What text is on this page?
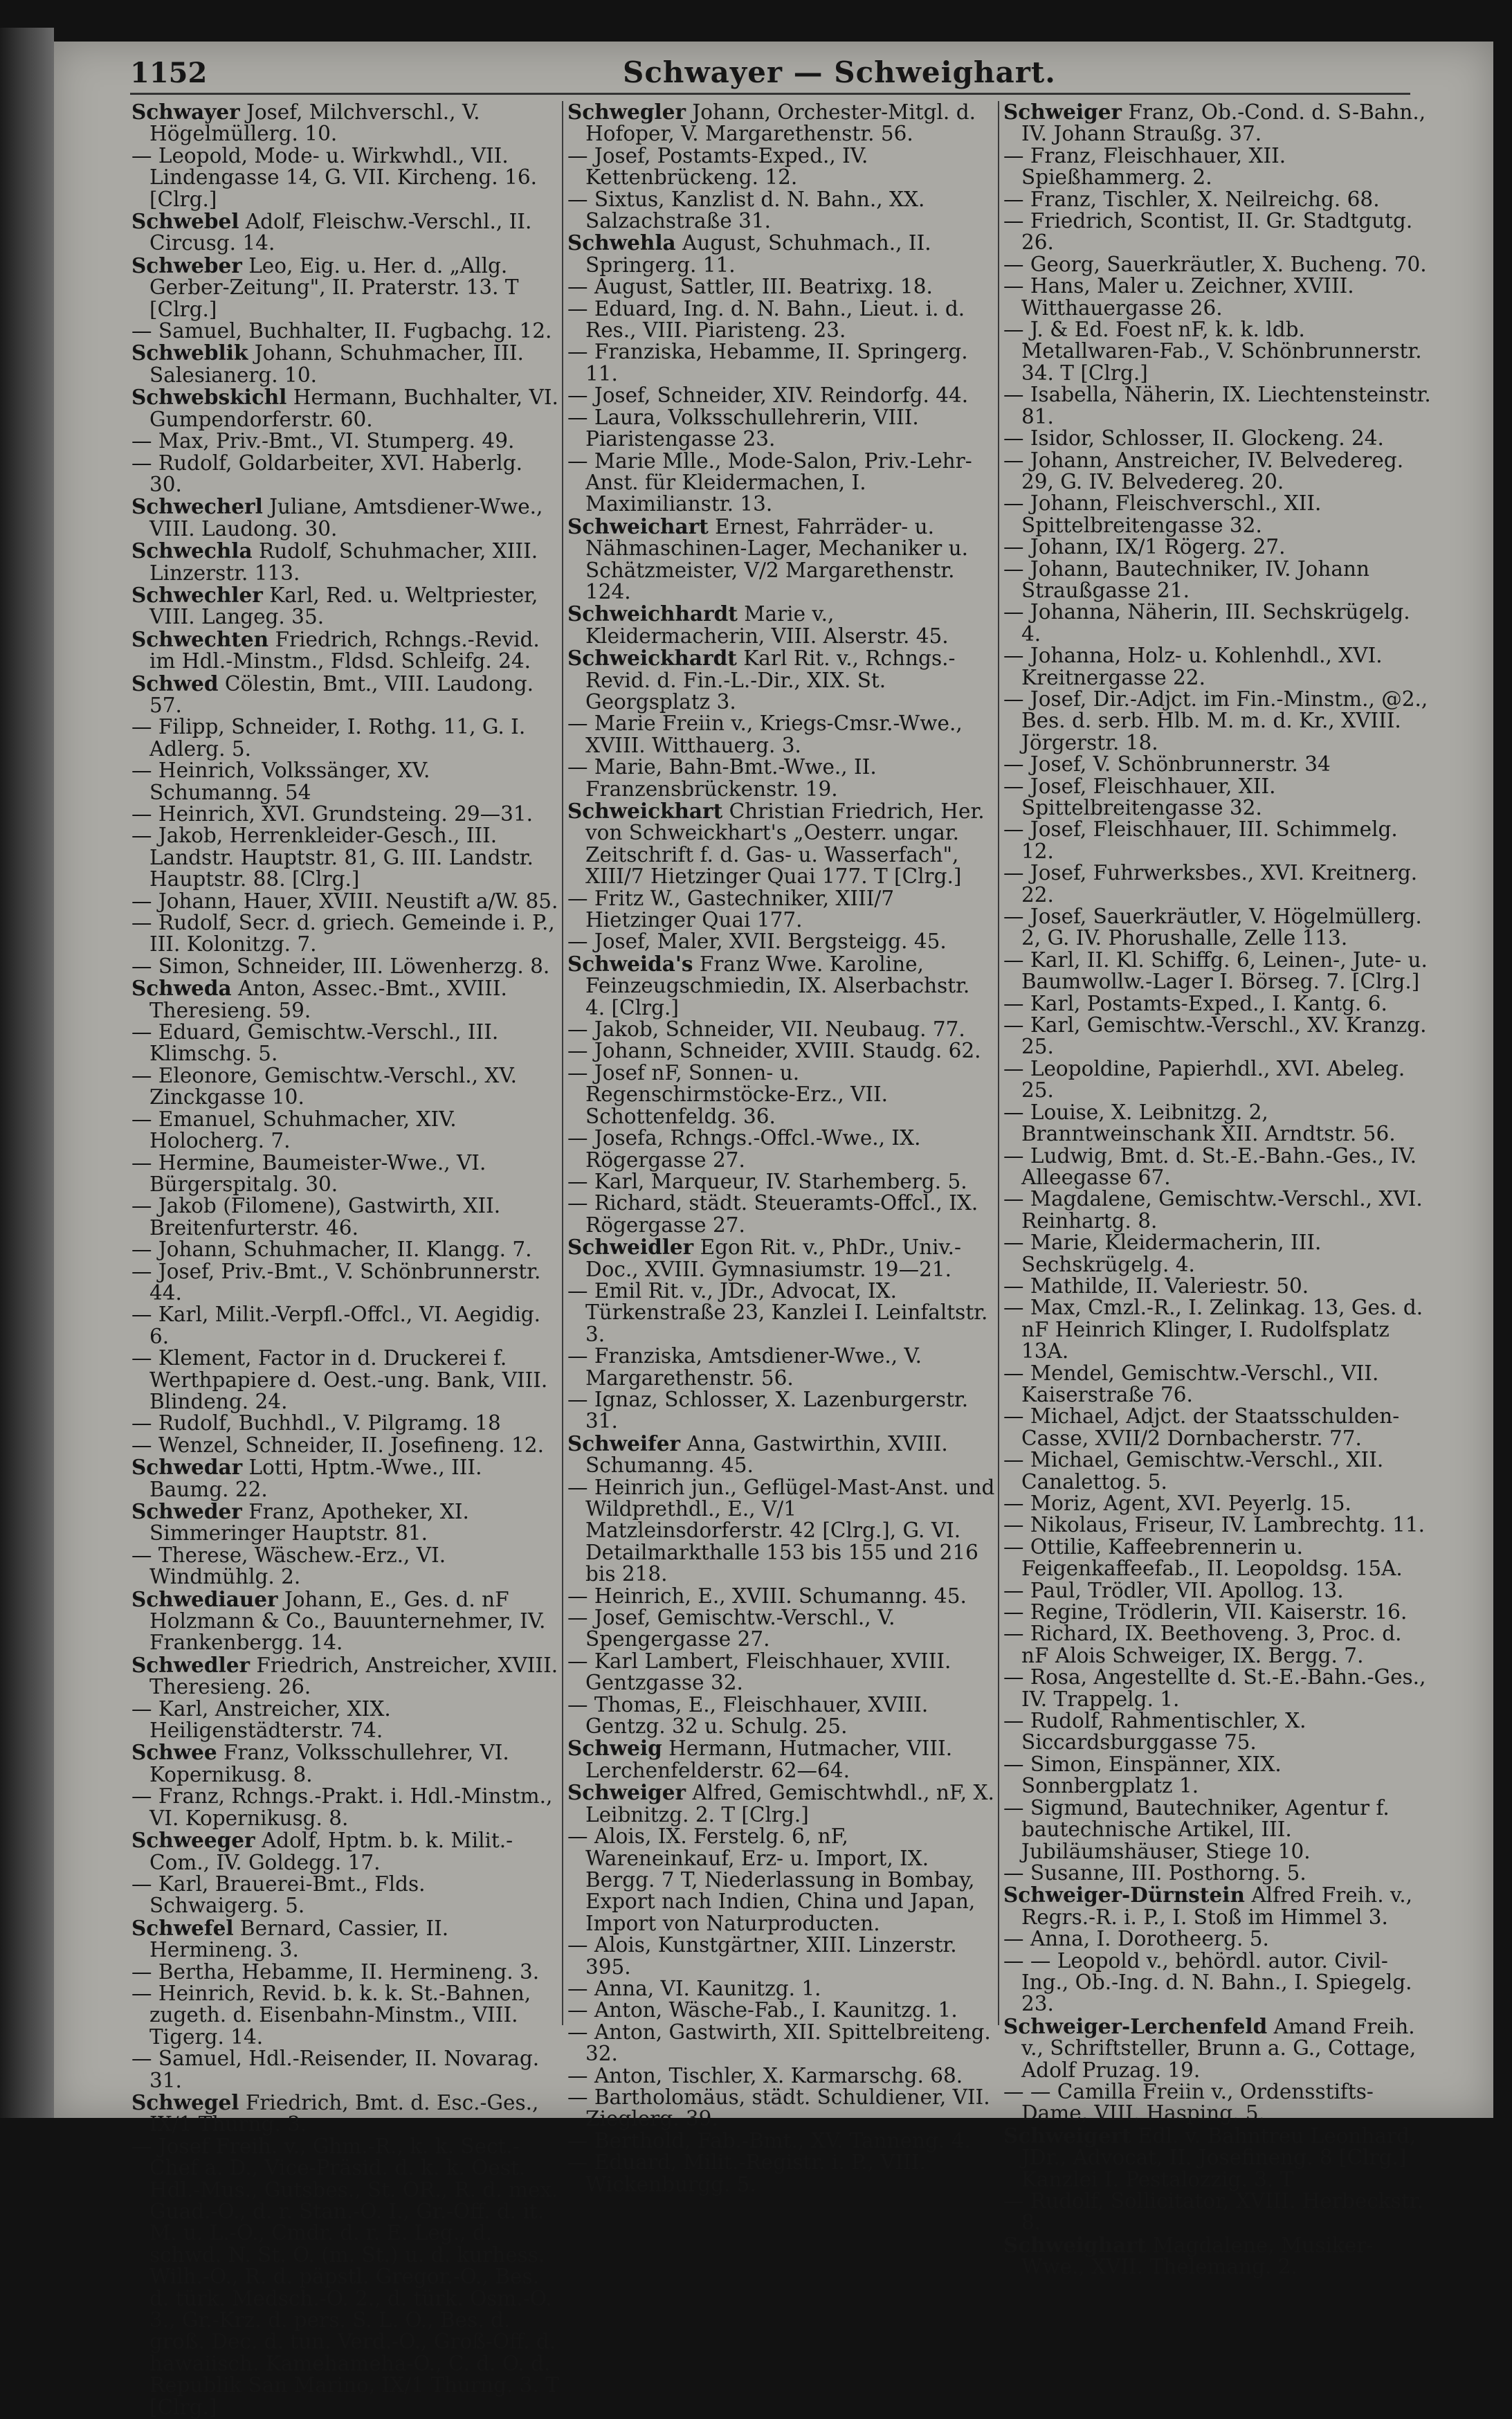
1152	Schwayer — Schweighart.

Schwayer Josef, Milchverschl., V. Högelmüllerg. 10.

— Leopold, Mode- u. Wirkwhdl., VII. Lindengasse 14, G. VII. Kircheng. 16. [Clrg.]

Schwebel Adolf, Fleischw.-Verschl., II. Circusg. 14.

Schweber Leo, Eig. u. Her. d. „Allg. Gerber-Zeitung", II. Praterstr. 13. T [Clrg.]

— Samuel, Buchhalter, II. Fugbachg. 12.

Schweblik Johann, Schuhmacher, III. Salesianerg. 10.

Schwebskichl Hermann, Buchhalter, VI. Gumpendorferstr. 60.

— Max, Priv.-Bmt., VI. Stumperg. 49.

— Rudolf, Goldarbeiter, XVI. Haberlg. 30.

Schwecherl Juliane, Amtsdiener-Wwe., VIII. Laudong. 30.

Schwechla Rudolf, Schuhmacher, XIII. Linzerstr. 113.

Schwechler Karl, Red. u. Weltpriester, VIII. Langeg. 35.

Schwechten Friedrich, Rchngs.-Revid. im Hdl.-Minstm., Fldsd. Schleifg. 24.

Schwed Cölestin, Bmt., VIII. Laudong. 57.

— Filipp, Schneider, I. Rothg. 11, G. I. Adlerg. 5.

— Heinrich, Volkssänger, XV. Schumanng. 54

— Heinrich, XVI. Grundsteing. 29—31.

— Jakob, Herrenkleider-Gesch., III. Landstr. Hauptstr. 81, G. III. Landstr. Hauptstr. 88. [Clrg.]

— Johann, Hauer, XVIII. Neustift a/W. 85.

— Rudolf, Secr. d. griech. Gemeinde i. P., III. Kolonitzg. 7.

— Simon, Schneider, III. Löwenherzg. 8.

Schweda Anton, Assec.-Bmt., XVIII. Theresieng. 59.

— Eduard, Gemischtw.-Verschl., III. Klimschg. 5.

— Eleonore, Gemischtw.-Verschl., XV. Zinckgasse 10.

— Emanuel, Schuhmacher, XIV. Holocherg. 7.

— Hermine, Baumeister-Wwe., VI. Bürgerspitalg. 30.

— Jakob (Filomene), Gastwirth, XII. Breitenfurterstr. 46.

— Johann, Schuhmacher, II. Klangg. 7.

— Josef, Priv.-Bmt., V. Schönbrunnerstr. 44.

— Karl, Milit.-Verpfl.-Offcl., VI. Aegidig. 6.

— Klement, Factor in d. Druckerei f. Werthpapiere d. Oest.-ung. Bank, VIII. Blindeng. 24.

— Rudolf, Buchhdl., V. Pilgramg. 18

— Wenzel, Schneider, II. Josefineng. 12.

Schwedar Lotti, Hptm.-Wwe., III. Baumg. 22.

Schweder Franz, Apotheker, XI. Simmeringer Hauptstr. 81.

— Therese, Wäschew.-Erz., VI. Windmühlg. 2.

Schwediauer Johann, E., Ges. d. nF Holzmann & Co., Bauunternehmer, IV. Frankenbergg. 14.

Schwedler Friedrich, Anstreicher, XVIII. Theresieng. 26.

— Karl, Anstreicher, XIX. Heiligenstädterstr. 74.

Schwee Franz, Volksschullehrer, VI. Kopernikusg. 8.

— Franz, Rchngs.-Prakt. i. Hdl.-Minstm., VI. Kopernikusg. 8.

Schweeger Adolf, Hptm. b. k. Milit.-Com., IV. Goldegg. 17.

— Karl, Brauerei-Bmt., Flds. Schwaigerg. 5.

Schwefel Bernard, Cassier, II. Hermineng. 3.

— Bertha, Hebamme, II. Hermineng. 3.

— Heinrich, Revid. b. k. k. St.-Bahnen, zugeth. d. Eisenbahn-Minstm., VIII. Tigerg. 14.

— Samuel, Hdl.-Reisender, II. Novarag. 31.

Schwegel Friedrich, Bmt. d. Esc.-Ges., IX/1 Thurng. 3.

— Josef Freih. v., Ghm.-R., k. k. Sect.-Chef a. D., Vice-Präsid. d. k. k. Oest. Hdl.-Mus., Gutsbes., St. OR., R. d. mex. Guad.-O., d. r. Stan.-O. I., Gr.-Off. d. it. M. u. L.-O., Cmdr. d. r. E. Leg., d. schwd. N. St. O. (m. St.) u. d. kurhess. Wilh.-O., R. d. päpstl. Gregor.-O., Bes. d. türk. Medsch.-O. 2., d. türk. Osm.-O. 3., Gr.-Krz. d. pers. S. L. O., Bes. d. groß. Dec. d. tun. Verd.-O., Groß-Off. d. hawaiisch. Kamehameha-O., C. d. O. d. Republik San Marino, IX/1 Thurng. 3. T [Clrg.]

Schwegler Johann, Orchester-Mitgl. d. Hofoper, V. Margarethenstr. 56.

— Josef, Postamts-Exped., IV. Kettenbrückeng. 12.

— Sixtus, Kanzlist d. N. Bahn., XX. Salzachstraße 31.

Schwehla August, Schuhmach., II. Springerg. 11.

— August, Sattler, III. Beatrixg. 18.

— Eduard, Ing. d. N. Bahn., Lieut. i. d. Res., VIII. Piaristeng. 23.

— Franziska, Hebamme, II. Springerg. 11.

— Josef, Schneider, XIV. Reindorfg. 44.

— Laura, Volksschullehrerin, VIII. Piaristengasse 23.

— Marie Mlle., Mode-Salon, Priv.-Lehr-Anst. für Kleidermachen, I. Maximilianstr. 13.

Schweichart Ernest, Fahrräder- u. Nähmaschinen-Lager, Mechaniker u. Schätzmeister, V/2 Margarethenstr. 124.

Schweichhardt Marie v., Kleidermacherin, VIII. Alserstr. 45.

Schweickhardt Karl Rit. v., Rchngs.-Revid. d. Fin.-L.-Dir., XIX. St. Georgsplatz 3.

— Marie Freiin v., Kriegs-Cmsr.-Wwe., XVIII. Witthauerg. 3.

— Marie, Bahn-Bmt.-Wwe., II. Franzensbrückenstr. 19.

Schweickhart Christian Friedrich, Her. von Schweickhart's „Oesterr. ungar. Zeitschrift f. d. Gas- u. Wasserfach", XIII/7 Hietzinger Quai 177. T [Clrg.]

— Fritz W., Gastechniker, XIII/7 Hietzinger Quai 177.

— Josef, Maler, XVII. Bergsteigg. 45.

Schweida's Franz Wwe. Karoline, Feinzeugschmiedin, IX. Alserbachstr. 4. [Clrg.]

— Jakob, Schneider, VII. Neubaug. 77.

— Johann, Schneider, XVIII. Staudg. 62.

— Josef nF, Sonnen- u. Regenschirmstöcke-Erz., VII. Schottenfeldg. 36.

— Josefa, Rchngs.-Offcl.-Wwe., IX. Rögergasse 27.

— Karl, Marqueur, IV. Starhemberg. 5.

— Richard, städt. Steueramts-Offcl., IX. Rögergasse 27.

Schweidler Egon Rit. v., PhDr., Univ.-Doc., XVIII. Gymnasiumstr. 19—21.

— Emil Rit. v., JDr., Advocat, IX. Türkenstraße 23, Kanzlei I. Leinfaltstr. 3.

— Franziska, Amtsdiener-Wwe., V. Margarethenstr. 56.

— Ignaz, Schlosser, X. Lazenburgerstr. 31.

Schweifer Anna, Gastwirthin, XVIII. Schumanng. 45.

— Heinrich jun., Geflügel-Mast-Anst. und Wildprethdl., E., V/1 Matzleinsdorferstr. 42 [Clrg.], G. VI. Detailmarkthalle 153 bis 155 und 216 bis 218.

— Heinrich, E., XVIII. Schumanng. 45.

— Josef, Gemischtw.-Verschl., V. Spengergasse 27.

— Karl Lambert, Fleischhauer, XVIII. Gentzgasse 32.

— Thomas, E., Fleischhauer, XVIII. Gentzg. 32 u. Schulg. 25.

Schweig Hermann, Hutmacher, VIII. Lerchenfelderstr. 62—64.

Schweiger Alfred, Gemischtwhdl., nF, X. Leibnitzg. 2. T [Clrg.]

— Alois, IX. Ferstelg. 6, nF, Wareneinkauf, Erz- u. Import, IX. Bergg. 7 T, Niederlassung in Bombay, Export nach Indien, China und Japan, Import von Naturproducten.

— Alois, Kunstgärtner, XIII. Linzerstr. 395.

— Anna, VI. Kaunitzg. 1.

— Anton, Wäsche-Fab., I. Kaunitzg. 1.

— Anton, Gastwirth, XII. Spittelbreiteng. 32.

— Anton, Tischler, X. Karmarschg. 68.

— Bartholomäus, städt. Schuldiener, VII. Zieglerg. 39.

— Berthold, Fab.-Bmt., XV. Tanneng. 4.

— Eduard, Milit.-Registr. i. P., VIII. Wickenburgg. 5.

Schweiger Franz, Ob.-Cond. d. S-Bahn., IV. Johann Straußg. 37.

— Franz, Fleischhauer, XII. Spießhammerg. 2.

— Franz, Tischler, X. Neilreichg. 68.

— Friedrich, Scontist, II. Gr. Stadtgutg. 26.

— Georg, Sauerkräutler, X. Bucheng. 70.

— Hans, Maler u. Zeichner, XVIII. Witthauergasse 26.

— J. & Ed. Foest nF, k. k. ldb. Metallwaren-Fab., V. Schönbrunnerstr. 34. T [Clrg.]

— Isabella, Näherin, IX. Liechtensteinstr. 81.

— Isidor, Schlosser, II. Glockeng. 24.

— Johann, Anstreicher, IV. Belvedereg. 29, G. IV. Belvedereg. 20.

— Johann, Fleischverschl., XII. Spittelbreitengasse 32.

— Johann, IX/1 Rögerg. 27.

— Johann, Bautechniker, IV. Johann Straußgasse 21.

— Johanna, Näherin, III. Sechskrügelg. 4.

— Johanna, Holz- u. Kohlenhdl., XVI. Kreitnergasse 22.

— Josef, Dir.-Adjct. im Fin.-Minstm., @2., Bes. d. serb. Hlb. M. m. d. Kr., XVIII. Jörgerstr. 18.

— Josef, V. Schönbrunnerstr. 34

— Josef, Fleischhauer, XII. Spittelbreitengasse 32.

— Josef, Fleischhauer, III. Schimmelg. 12.

— Josef, Fuhrwerksbes., XVI. Kreitnerg. 22.

— Josef, Sauerkräutler, V. Högelmüllerg. 2, G. IV. Phorushalle, Zelle 113.

— Karl, II. Kl. Schiffg. 6, Leinen-, Jute- u. Baumwollw.-Lager I. Börseg. 7. [Clrg.]

— Karl, Postamts-Exped., I. Kantg. 6.

— Karl, Gemischtw.-Verschl., XV. Kranzg. 25.

— Leopoldine, Papierhdl., XVI. Abeleg. 25.

— Louise, X. Leibnitzg. 2, Branntweinschank XII. Arndtstr. 56.

— Ludwig, Bmt. d. St.-E.-Bahn.-Ges., IV. Alleegasse 67.

— Magdalene, Gemischtw.-Verschl., XVI. Reinhartg. 8.

— Marie, Kleidermacherin, III. Sechskrügelg. 4.

— Mathilde, II. Valeriestr. 50.

— Max, Cmzl.-R., I. Zelinkag. 13, Ges. d. nF Heinrich Klinger, I. Rudolfsplatz 13A.

— Mendel, Gemischtw.-Verschl., VII. Kaiserstraße 76.

— Michael, Adjct. der Staatsschulden-Casse, XVII/2 Dornbacherstr. 77.

— Michael, Gemischtw.-Verschl., XII. Canalettog. 5.

— Moriz, Agent, XVI. Peyerlg. 15.

— Nikolaus, Friseur, IV. Lambrechtg. 11.

— Ottilie, Kaffeebrennerin u. Feigenkaffeefab., II. Leopoldsg. 15A.

— Paul, Trödler, VII. Apollog. 13.

— Regine, Trödlerin, VII. Kaiserstr. 16.

— Richard, IX. Beethoveng. 3, Proc. d. nF Alois Schweiger, IX. Bergg. 7.

— Rosa, Angestellte d. St.-E.-Bahn.-Ges., IV. Trappelg. 1.

— Rudolf, Rahmentischler, X. Siccardsburggasse 75.

— Simon, Einspänner, XIX. Sonnbergplatz 1.

— Sigmund, Bautechniker, Agentur f. bautechnische Artikel, III. Jubiläumshäuser, Stiege 10.

— Susanne, III. Posthorng. 5.

Schweiger-Dürnstein Alfred Freih. v., Regrs.-R. i. P., I. Stoß im Himmel 3.

— Anna, I. Dorotheerg. 5.

— — Leopold v., behördl. autor. Civil-Ing., Ob.-Ing. d. N. Bahn., I. Spiegelg. 23.

Schweiger-Lerchenfeld Amand Freih. v., Schriftsteller, Brunn a. G., Cottage, Adolf Pruzag. 19.

— — Camilla Freiin v., Ordensstifts-Dame, VIII. Hasping. 5.

Schweigert Edl. v. Bahntreu Leonhard, JDr., Advocat, II. Josefineng. 8 [Clrg.] Kanzlei I. Pestalozzig. 3. T

— Rudolf, Sollicitator, XVIII. Herbeckstr. 8.

Schweighart Magdalene, Musiker-Wwe., XVII. Thelemang. 2.
